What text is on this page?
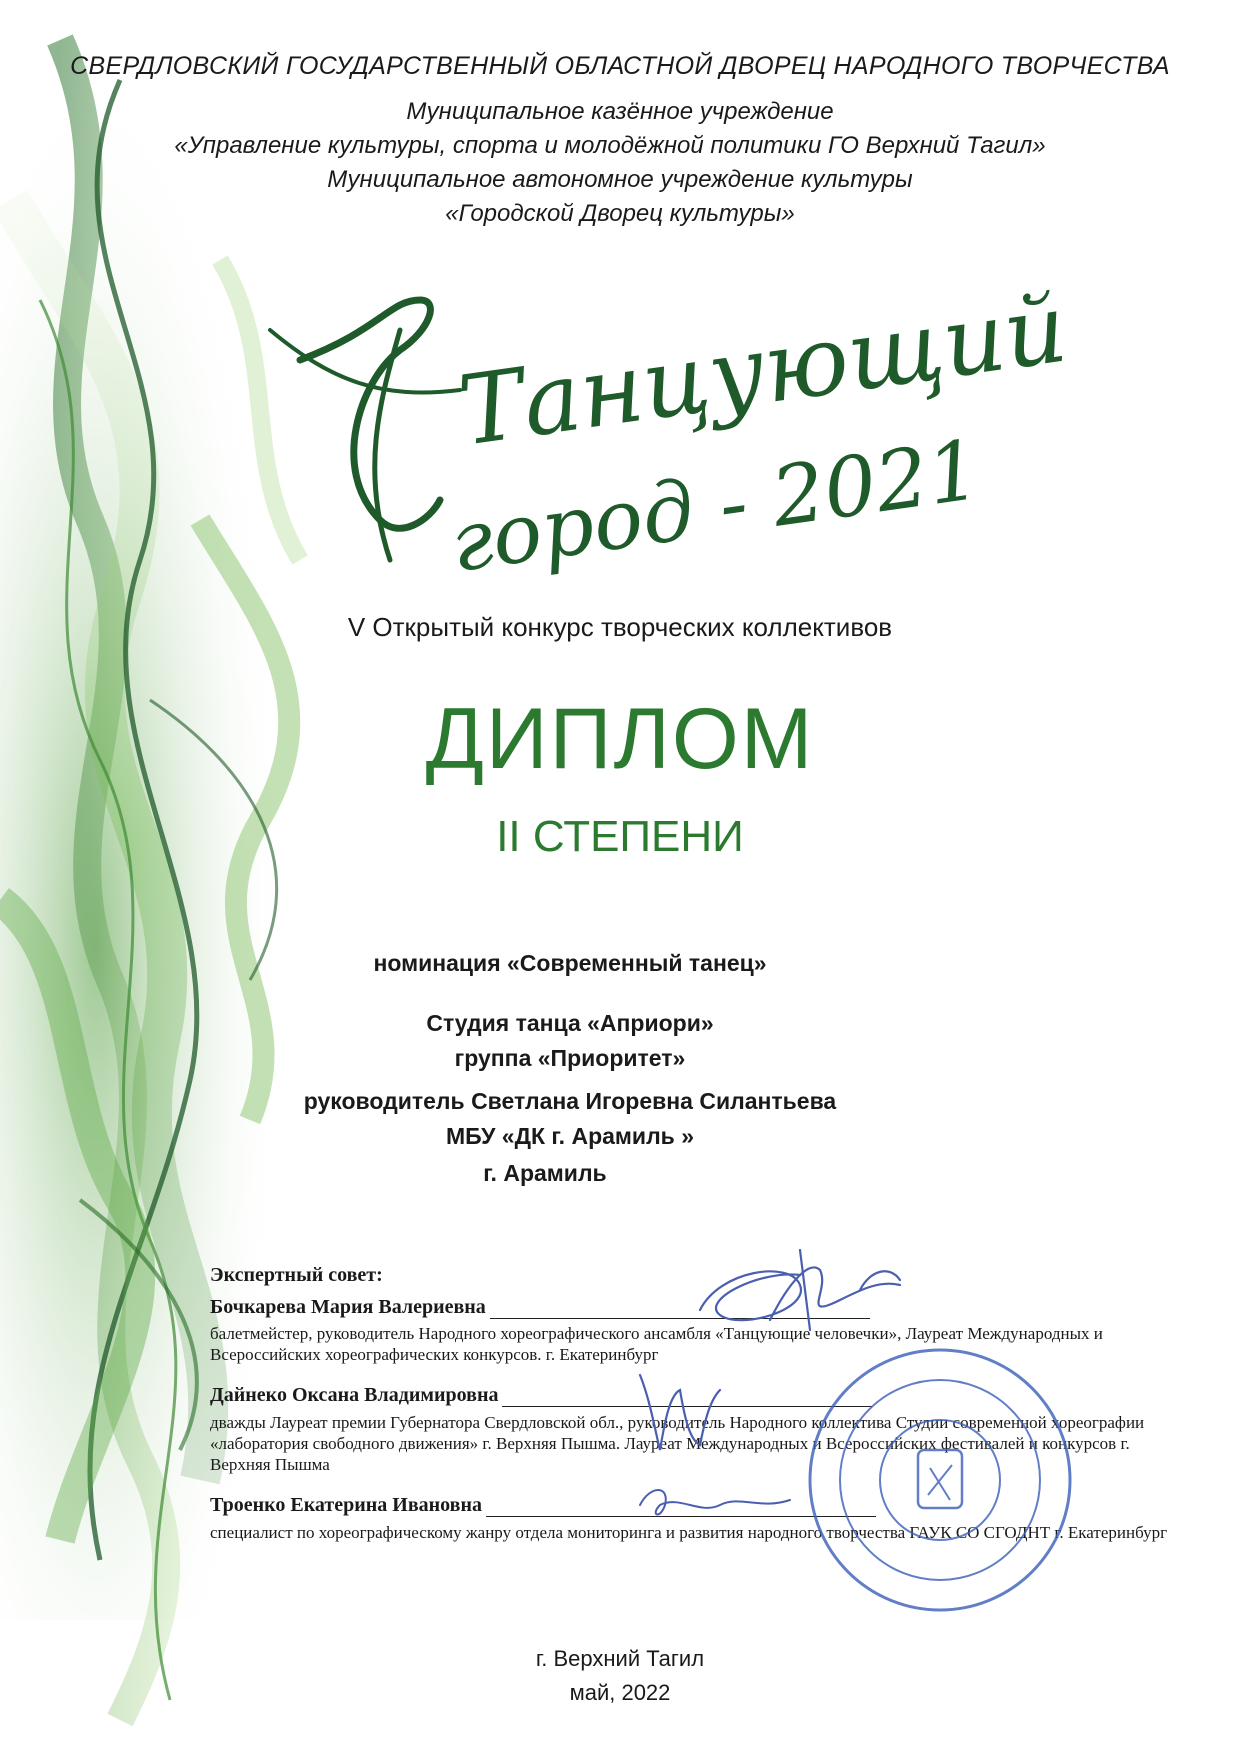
СВЕРДЛОВСКИЙ ГОСУДАРСТВЕННЫЙ ОБЛАСТНОЙ ДВОРЕЦ НАРОДНОГО ТВОРЧЕСТВА
Муниципальное казённое учреждение
«Управление культуры, спорта и молодёжной политики ГО Верхний Тагил»
Муниципальное автономное учреждение культуры
«Городской Дворец культуры»
Танцующий
город - 2021
V Открытый конкурс творческих коллективов
ДИПЛОМ
II СТЕПЕНИ
номинация «Современный танец»
Студия танца «Априори»
группа «Приоритет»
руководитель Светлана Игоревна Силантьева
МБУ «ДК г. Арамиль »
г. Арамиль
Экспертный совет:
Бочкарева Мария Валериевна
балетмейстер, руководитель Народного хореографического ансамбля «Танцующие человечки», Лауреат Международных и Всероссийских хореографических конкурсов. г. Екатеринбург
Дайнеко Оксана Владимировна
дважды Лауреат премии Губернатора Свердловской обл., руководитель Народного коллектива Студии современной хореографии «лаборатория свободного движения» г. Верхняя Пышма. Лауреат Международных и Всероссийских фестивалей и конкурсов г. Верхняя Пышма
Троенко Екатерина Ивановна
специалист по хореографическому жанру отдела мониторинга и развития народного творчества ГАУК СО СГОДНТ г. Екатеринбург
г. Верхний Тагил
май, 2022
